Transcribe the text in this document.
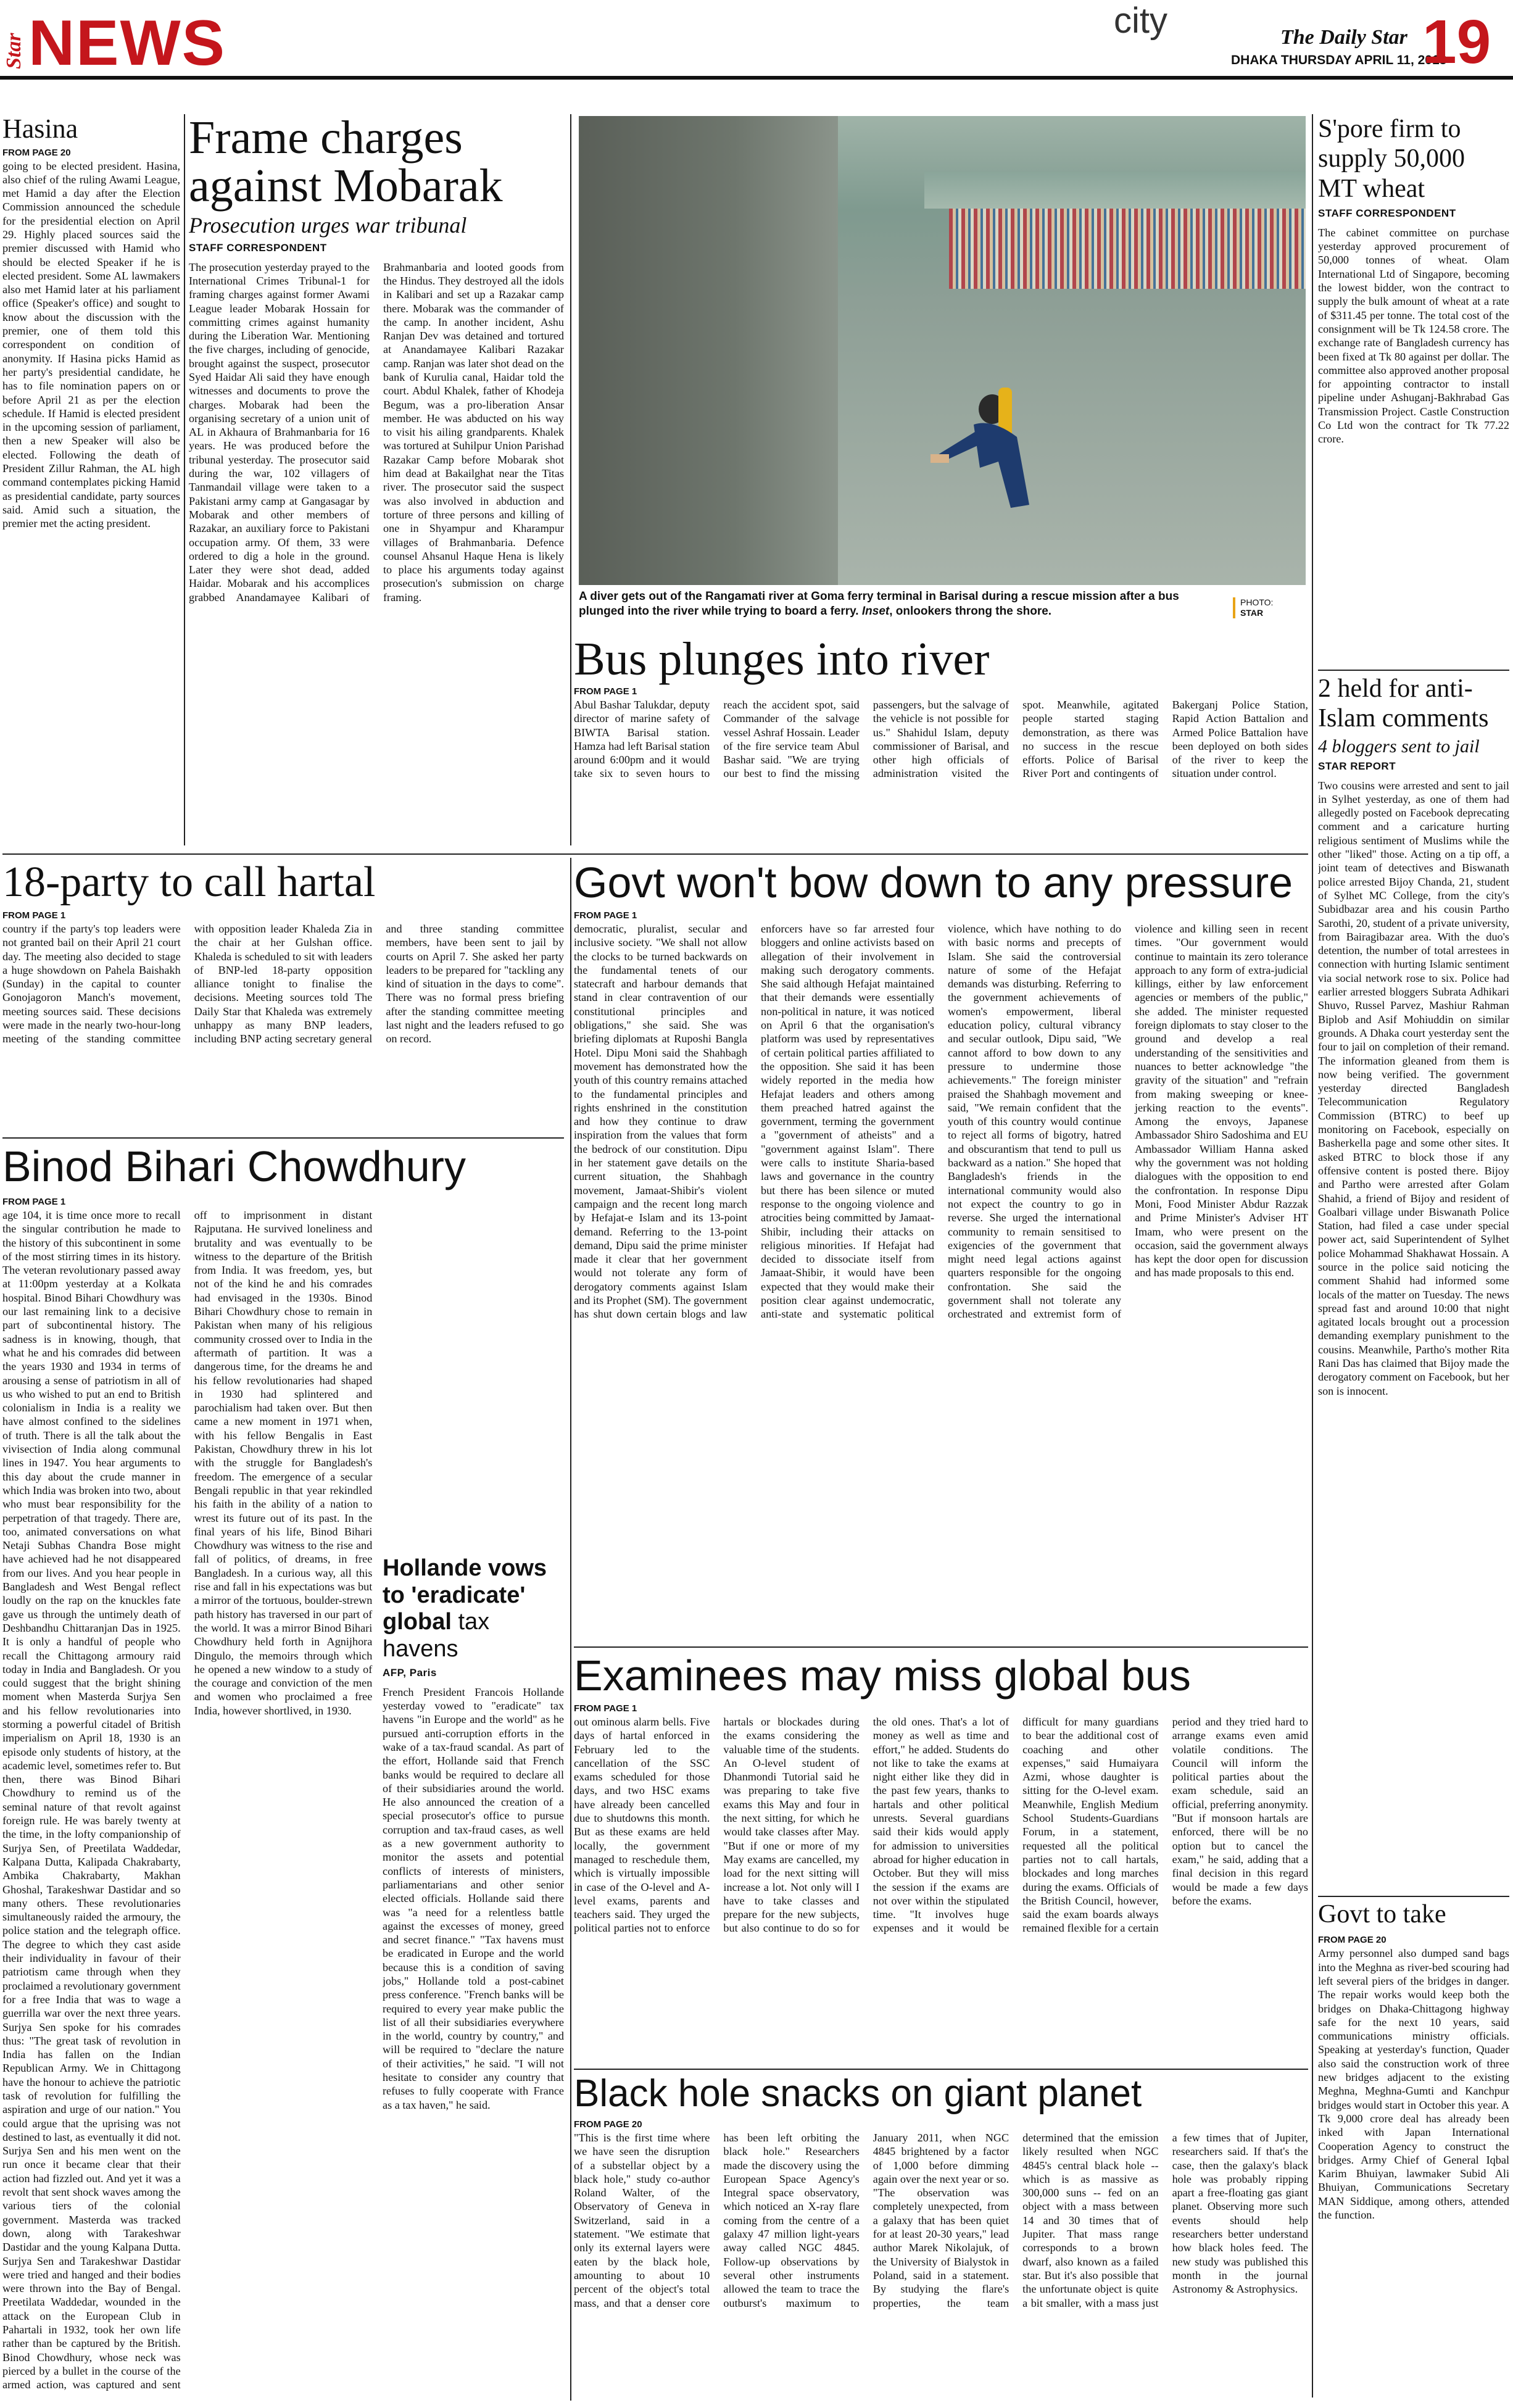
Star NEWS	city	The Daily Star
DHAKA THURSDAY APRIL 11, 2013
19
Hasina
FROM PAGE 20
going to be elected president. Hasina, also chief of the ruling Awami League, met Hamid a day after the Election Commission announced the schedule for the presidential election on April 29. Highly placed sources said the premier discussed with Hamid who should be elected Speaker if he is elected president. Some AL lawmakers also met Hamid later at his parliament office (Speaker's office) and sought to know about the discussion with the premier, one of them told this correspondent on condition of anonymity. If Hasina picks Hamid as her party's presidential candidate, he has to file nomination papers on or before April 21 as per the election schedule. If Hamid is elected president in the upcoming session of parliament, then a new Speaker will also be elected. Following the death of President Zillur Rahman, the AL high command contemplates picking Hamid as presidential candidate, party sources said. Amid such a situation, the premier met the acting president.
Frame charges against Mobarak
Prosecution urges war tribunal
STAFF CORRESPONDENT
The prosecution yesterday prayed to the International Crimes Tribunal-1 for framing charges against former Awami League leader Mobarak Hossain for committing crimes against humanity during the Liberation War. Mentioning the five charges, including of genocide, brought against the suspect, prosecutor Syed Haidar Ali said they have enough witnesses and documents to prove the charges. Mobarak had been the organising secretary of a union unit of AL in Akhaura of Brahmanbaria for 16 years. He was produced before the tribunal yesterday. The prosecutor said during the war, 102 villagers of Tanmandail village were taken to a Pakistani army camp at Gangasagar by Mobarak and other members of Razakar, an auxiliary force to Pakistani occupation army. Of them, 33 were ordered to dig a hole in the ground. Later they were shot dead, added Haidar. Mobarak and his accomplices grabbed Anandamayee Kalibari of Brahmanbaria and looted goods from the Hindus. They destroyed all the idols in Kalibari and set up a Razakar camp there. Mobarak was the commander of the camp. In another incident, Ashu Ranjan Dev was detained and tortured at Anandamayee Kalibari Razakar camp. Ranjan was later shot dead on the bank of Kurulia canal, Haidar told the court. Abdul Khalek, father of Khodeja Begum, was a pro-liberation Ansar member. He was abducted on his way to visit his ailing grandparents. Khalek was tortured at Suhilpur Union Parishad Razakar Camp before Mobarak shot him dead at Bakailghat near the Titas river. The prosecutor said the suspect was also involved in abduction and torture of three persons and killing of one in Shyampur and Kharampur villages of Brahmanbaria. Defence counsel Ahsanul Haque Hena is likely to place his arguments today against prosecution's submission on charge framing.	A diver gets out of the Rangamati river at Goma ferry terminal in Barisal during a rescue mission after a bus plunged into the river while trying to board a ferry. Inset, onlookers throng the shore.
PHOTO:
STAR
Bus plunges into river
FROM PAGE 1
Abul Bashar Talukdar, deputy director of marine safety of BIWTA Barisal station. Hamza had left Barisal station around 6:00pm and it would take six to seven hours to reach the accident spot, said Commander of the salvage vessel Ashraf Hossain. Leader of the fire service team Abul Bashar said. "We are trying our best to find the missing passengers, but the salvage of the vehicle is not possible for us." Shahidul Islam, deputy commissioner of Barisal, and other high officials of administration visited the spot. Meanwhile, agitated people started staging demonstration, as there was no success in the rescue efforts. Police of Barisal River Port and contingents of Bakerganj Police Station, Rapid Action Battalion and Armed Police Battalion have been deployed on both sides of the river to keep the situation under control.
S'pore firm to supply 50,000 MT wheat
STAFF CORRESPONDENT
The cabinet committee on purchase yesterday approved procurement of 50,000 tonnes of wheat. Olam International Ltd of Singapore, becoming the lowest bidder, won the contract to supply the bulk amount of wheat at a rate of $311.45 per tonne. The total cost of the consignment will be Tk 124.58 crore. The exchange rate of Bangladesh currency has been fixed at Tk 80 against per dollar. The committee also approved another proposal for appointing contractor to install pipeline under Ashuganj-Bakhrabad Gas Transmission Project. Castle Construction Co Ltd won the contract for Tk 77.22 crore.
2 held for anti-Islam comments
4 bloggers sent to jail
STAR REPORT
Two cousins were arrested and sent to jail in Sylhet yesterday, as one of them had allegedly posted on Facebook deprecating comment and a caricature hurting religious sentiment of Muslims while the other "liked" those. Acting on a tip off, a joint team of detectives and Biswanath police arrested Bijoy Chanda, 21, student of Sylhet MC College, from the city's Subidbazar area and his cousin Partho Sarothi, 20, student of a private university, from Bairagibazar area. With the duo's detention, the number of total arrestees in connection with hurting Islamic sentiment via social network rose to six. Police had earlier arrested bloggers Subrata Adhikari Shuvo, Russel Parvez, Mashiur Rahman Biplob and Asif Mohiuddin on similar grounds. A Dhaka court yesterday sent the four to jail on completion of their remand. The information gleaned from them is now being verified. The government yesterday directed Bangladesh Telecommunication Regulatory Commission (BTRC) to beef up monitoring on Facebook, especially on Basherkella page and some other sites. It asked BTRC to block those if any offensive content is posted there. Bijoy and Partho were arrested after Golam Shahid, a friend of Bijoy and resident of Goalbari village under Biswanath Police Station, had filed a case under special power act, said Superintendent of Sylhet police Mohammad Shakhawat Hossain. A source in the police said noticing the comment Shahid had informed some locals of the matter on Tuesday. The news spread fast and around 10:00 that night agitated locals brought out a procession demanding exemplary punishment to the cousins. Meanwhile, Partho's mother Rita Rani Das has claimed that Bijoy made the derogatory comment on Facebook, but her son is innocent.
Govt to take
FROM PAGE 20
Army personnel also dumped sand bags into the Meghna as river-bed scouring had left several piers of the bridges in danger. The repair works would keep both the bridges on Dhaka-Chittagong highway safe for the next 10 years, said communications ministry officials. Speaking at yesterday's function, Quader also said the construction work of three new bridges adjacent to the existing Meghna, Meghna-Gumti and Kanchpur bridges would start in October this year. A Tk 9,000 crore deal has already been inked with Japan International Cooperation Agency to construct the bridges. Army Chief of General Iqbal Karim Bhuiyan, lawmaker Subid Ali Bhuiyan, Communications Secretary MAN Siddique, among others, attended the function.
18-party to call hartal
FROM PAGE 1
country if the party's top leaders were not granted bail on their April 21 court day. The meeting also decided to stage a huge showdown on Pahela Baishakh (Sunday) in the capital to counter Gonojagoron Manch's movement, meeting sources said. These decisions were made in the nearly two-hour-long meeting of the standing committee with opposition leader Khaleda Zia in the chair at her Gulshan office. Khaleda is scheduled to sit with leaders of BNP-led 18-party opposition alliance tonight to finalise the decisions. Meeting sources told The Daily Star that Khaleda was extremely unhappy as many BNP leaders, including BNP acting secretary general and three standing committee members, have been sent to jail by courts on April 7. She asked her party leaders to be prepared for "tackling any kind of situation in the days to come". There was no formal press briefing after the standing committee meeting last night and the leaders refused to go on record.
Binod Bihari Chowdhury
FROM PAGE 1
age 104, it is time once more to recall the singular contribution he made to the history of this subcontinent in some of the most stirring times in its history. The veteran revolutionary passed away at 11:00pm yesterday at a Kolkata hospital. Binod Bihari Chowdhury was our last remaining link to a decisive part of subcontinental history. The sadness is in knowing, though, that what he and his comrades did between the years 1930 and 1934 in terms of arousing a sense of patriotism in all of us who wished to put an end to British colonialism in India is a reality we have almost confined to the sidelines of truth. There is all the talk about the vivisection of India along communal lines in 1947. You hear arguments to this day about the crude manner in which India was broken into two, about who must bear responsibility for the perpetration of that tragedy. There are, too, animated conversations on what Netaji Subhas Chandra Bose might have achieved had he not disappeared from our lives. And you hear people in Bangladesh and West Bengal reflect loudly on the rap on the knuckles fate gave us through the untimely death of Deshbandhu Chittaranjan Das in 1925. It is only a handful of people who recall the Chittagong armoury raid today in India and Bangladesh. Or you could suggest that the bright shining moment when Masterda Surjya Sen and his fellow revolutionaries into storming a powerful citadel of British imperialism on April 18, 1930 is an episode only students of history, at the academic level, sometimes refer to. But then, there was Binod Bihari Chowdhury to remind us of the seminal nature of that revolt against foreign rule. He was barely twenty at the time, in the lofty companionship of Surjya Sen, of Preetilata Waddedar, Kalpana Dutta, Kalipada Chakrabarty, Ambika Chakrabarty, Makhan Ghoshal, Tarakeshwar Dastidar and so many others. These revolutionaries simultaneously raided the armoury, the police station and the telegraph office. The degree to which they cast aside their individuality in favour of their patriotism came through when they proclaimed a revolutionary government for a free India that was to wage a guerrilla war over the next three years. Surjya Sen spoke for his comrades thus: "The great task of revolution in India has fallen on the Indian Republican Army. We in Chittagong have the honour to achieve the patriotic task of revolution for fulfilling the aspiration and urge of our nation." You could argue that the uprising was not destined to last, as eventually it did not. Surjya Sen and his men went on the run once it became clear that their action had fizzled out. And yet it was a revolt that sent shock waves among the various tiers of the colonial government. Masterda was tracked down, along with Tarakeshwar Dastidar and the young Kalpana Dutta. Surjya Sen and Tarakeshwar Dastidar were tried and hanged and their bodies were thrown into the Bay of Bengal. Preetilata Waddedar, wounded in the attack on the European Club in Pahartali in 1932, took her own life rather than be captured by the British. Binod Chowdhury, whose neck was pierced by a bullet in the course of the armed action, was captured and sent off to imprisonment in distant Rajputana. He survived loneliness and brutality and was eventually to be witness to the departure of the British from India. It was freedom, yes, but not of the kind he and his comrades had envisaged in the 1930s. Binod Bihari Chowdhury chose to remain in Pakistan when many of his religious community crossed over to India in the aftermath of partition. It was a dangerous time, for the dreams he and his fellow revolutionaries had shaped in 1930 had splintered and parochialism had taken over. But then came a new moment in 1971 when, with his fellow Bengalis in East Pakistan, Chowdhury threw in his lot with the struggle for Bangladesh's freedom. The emergence of a secular Bengali republic in that year rekindled his faith in the ability of a nation to wrest its future out of its past. In the final years of his life, Binod Bihari Chowdhury was witness to the rise and fall of politics, of dreams, in free Bangladesh. In a curious way, all this rise and fall in his expectations was but a mirror of the tortuous, boulder-strewn path history has traversed in our part of the world. It was a mirror Binod Bihari Chowdhury held forth in Agnijhora Dingulo, the memoirs through which he opened a new window to a study of the courage and conviction of the men and women who proclaimed a free India, however shortlived, in 1930.
Hollande vows to 'eradicate' global tax havens
AFP, Paris
French President Francois Hollande yesterday vowed to "eradicate" tax havens "in Europe and the world" as he pursued anti-corruption efforts in the wake of a tax-fraud scandal. As part of the effort, Hollande said that French banks would be required to declare all of their subsidiaries around the world. He also announced the creation of a special prosecutor's office to pursue corruption and tax-fraud cases, as well as a new government authority to monitor the assets and potential conflicts of interests of ministers, parliamentarians and other senior elected officials. Hollande said there was "a need for a relentless battle against the excesses of money, greed and secret finance." "Tax havens must be eradicated in Europe and the world because this is a condition of saving jobs," Hollande told a post-cabinet press conference. "French banks will be required to every year make public the list of all their subsidiaries everywhere in the world, country by country," and will be required to "declare the nature of their activities," he said. "I will not hesitate to consider any country that refuses to fully cooperate with France as a tax haven," he said.
Govt won't bow down to any pressure
FROM PAGE 1
democratic, pluralist, secular and inclusive society. "We shall not allow the clocks to be turned backwards on the fundamental tenets of our statecraft and harbour demands that stand in clear contravention of our constitutional principles and obligations," she said. She was briefing diplomats at Ruposhi Bangla Hotel. Dipu Moni said the Shahbagh movement has demonstrated how the youth of this country remains attached to the fundamental principles and rights enshrined in the constitution and how they continue to draw inspiration from the values that form the bedrock of our constitution. Dipu in her statement gave details on the current situation, the Shahbagh movement, Jamaat-Shibir's violent campaign and the recent long march by Hefajat-e Islam and its 13-point demand. Referring to the 13-point demand, Dipu said the prime minister made it clear that her government would not tolerate any form of derogatory comments against Islam and its Prophet (SM). The government has shut down certain blogs and law enforcers have so far arrested four bloggers and online activists based on allegation of their involvement in making such derogatory comments. She said although Hefajat maintained that their demands were essentially non-political in nature, it was noticed on April 6 that the organisation's platform was used by representatives of certain political parties affiliated to the opposition. She said it has been widely reported in the media how Hefajat leaders and others among them preached hatred against the government, terming the government a "government of atheists" and a "government against Islam". There were calls to institute Sharia-based laws and governance in the country but there has been silence or muted response to the ongoing violence and atrocities being committed by Jamaat-Shibir, including their attacks on religious minorities. If Hefajat had decided to dissociate itself from Jamaat-Shibir, it would have been expected that they would make their position clear against undemocratic, anti-state and systematic political violence, which have nothing to do with basic norms and precepts of Islam. She said the controversial nature of some of the Hefajat demands was disturbing. Referring to the government achievements of women's empowerment, liberal education policy, cultural vibrancy and secular outlook, Dipu said, "We cannot afford to bow down to any pressure to undermine those achievements." The foreign minister praised the Shahbagh movement and said, "We remain confident that the youth of this country would continue to reject all forms of bigotry, hatred and obscurantism that tend to pull us backward as a nation." She hoped that Bangladesh's friends in the international community would also not expect the country to go in reverse. She urged the international community to remain sensitised to exigencies of the government that might need legal actions against quarters responsible for the ongoing confrontation. She said the government shall not tolerate any orchestrated and extremist form of violence and killing seen in recent times. "Our government would continue to maintain its zero tolerance approach to any form of extra-judicial killings, either by law enforcement agencies or members of the public," she added. The minister requested foreign diplomats to stay closer to the ground and develop a real understanding of the sensitivities and nuances to better acknowledge "the gravity of the situation" and "refrain from making sweeping or knee-jerking reaction to the events". Among the envoys, Japanese Ambassador Shiro Sadoshima and EU Ambassador William Hanna asked why the government was not holding dialogues with the opposition to end the confrontation. In response Dipu Moni, Food Minister Abdur Razzak and Prime Minister's Adviser HT Imam, who were present on the occasion, said the government always has kept the door open for discussion and has made proposals to this end.
Examinees may miss global bus
FROM PAGE 1
out ominous alarm bells. Five days of hartal enforced in February led to the cancellation of the SSC exams scheduled for those days, and two HSC exams have already been cancelled due to shutdowns this month. But as these exams are held locally, the government managed to reschedule them, which is virtually impossible in case of the O-level and A-level exams, parents and teachers said. They urged the political parties not to enforce hartals or blockades during the exams considering the valuable time of the students. An O-level student of Dhanmondi Tutorial said he was preparing to take five exams this May and four in the next sitting, for which he would take classes after May. "But if one or more of my May exams are cancelled, my load for the next sitting will increase a lot. Not only will I have to take classes and prepare for the new subjects, but also continue to do so for the old ones. That's a lot of money as well as time and effort," he added. Students do not like to take the exams at night either like they did in the past few years, thanks to hartals and other political unrests. Several guardians said their kids would apply for admission to universities abroad for higher education in October. But they will miss the session if the exams are not over within the stipulated time. "It involves huge expenses and it would be difficult for many guardians to bear the additional cost of coaching and other expenses," said Humaiyara Azmi, whose daughter is sitting for the O-level exam. Meanwhile, English Medium School Students-Guardians Forum, in a statement, requested all the political parties not to call hartals, blockades and long marches during the exams. Officials of the British Council, however, said the exam boards always remained flexible for a certain period and they tried hard to arrange exams even amid volatile conditions. The Council will inform the political parties about the exam schedule, said an official, preferring anonymity. "But if monsoon hartals are enforced, there will be no option but to cancel the exam," he said, adding that a final decision in this regard would be made a few days before the exams.
Black hole snacks on giant planet
FROM PAGE 20
"This is the first time where we have seen the disruption of a substellar object by a black hole," study co-author Roland Walter, of the Observatory of Geneva in Switzerland, said in a statement. "We estimate that only its external layers were eaten by the black hole, amounting to about 10 percent of the object's total mass, and that a denser core has been left orbiting the black hole." Researchers made the discovery using the European Space Agency's Integral space observatory, which noticed an X-ray flare coming from the centre of a galaxy 47 million light-years away called NGC 4845. Follow-up observations by several other instruments allowed the team to trace the outburst's maximum to January 2011, when NGC 4845 brightened by a factor of 1,000 before dimming again over the next year or so. "The observation was completely unexpected, from a galaxy that has been quiet for at least 20-30 years," lead author Marek Nikolajuk, of the University of Bialystok in Poland, said in a statement. By studying the flare's properties, the team determined that the emission likely resulted when NGC 4845's central black hole -- which is as massive as 300,000 suns -- fed on an object with a mass between 14 and 30 times that of Jupiter. That mass range corresponds to a brown dwarf, also known as a failed star. But it's also possible that the unfortunate object is quite a bit smaller, with a mass just a few times that of Jupiter, researchers said. If that's the case, then the galaxy's black hole was probably ripping apart a free-floating gas giant planet. Observing more such events should help researchers better understand how black holes feed. The new study was published this month in the journal Astronomy & Astrophysics.
